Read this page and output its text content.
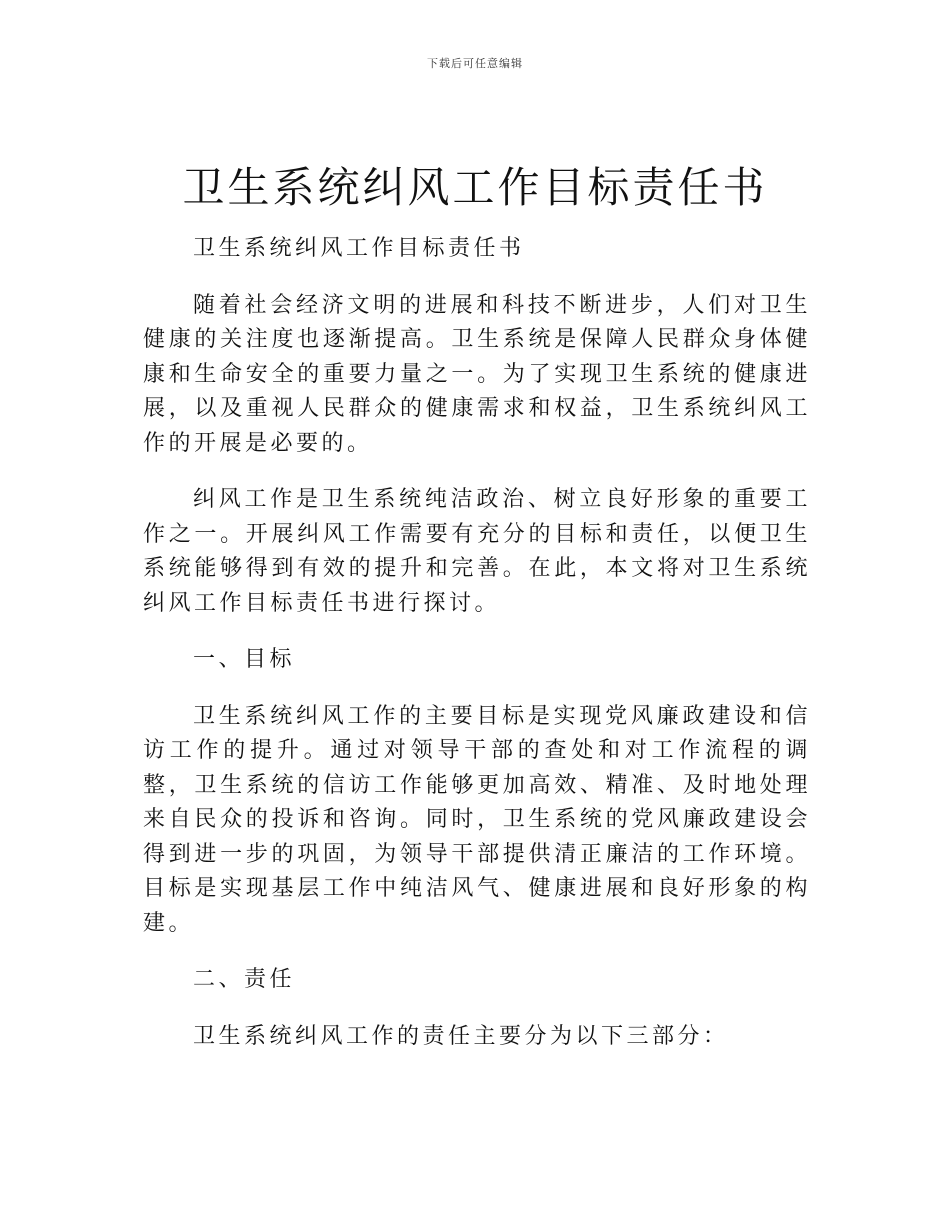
下载后可任意编辑
卫生系统纠风工作目标责任书

卫生系统纠风工作目标责任书

随着社会经济文明的进展和科技不断进步，人们对卫生健康的关注度也逐渐提高。卫生系统是保障人民群众身体健康和生命安全的重要力量之一。为了实现卫生系统的健康进展，以及重视人民群众的健康需求和权益，卫生系统纠风工作的开展是必要的。

纠风工作是卫生系统纯洁政治、树立良好形象的重要工作之一。开展纠风工作需要有充分的目标和责任，以便卫生系统能够得到有效的提升和完善。在此，本文将对卫生系统纠风工作目标责任书进行探讨。

一、目标

卫生系统纠风工作的主要目标是实现党风廉政建设和信访工作的提升。通过对领导干部的查处和对工作流程的调整，卫生系统的信访工作能够更加高效、精准、及时地处理来自民众的投诉和咨询。同时，卫生系统的党风廉政建设会得到进一步的巩固，为领导干部提供清正廉洁的工作环境。目标是实现基层工作中纯洁风气、健康进展和良好形象的构建。

二、责任

卫生系统纠风工作的责任主要分为以下三部分：
